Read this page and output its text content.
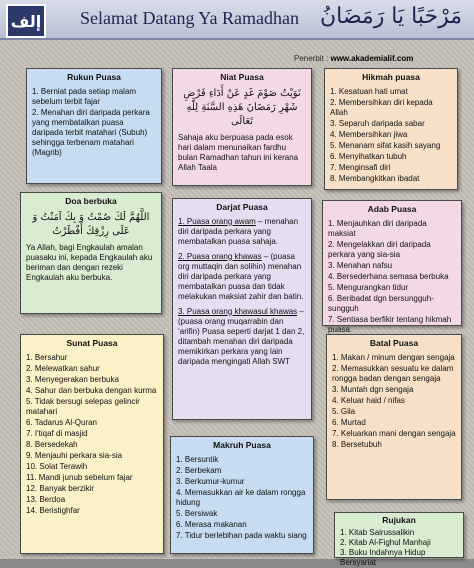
إلف Selamat Datang Ya Ramadhan مَرْحَبًا يَا رَمَضَانُ
Penerbit : www.akademialif.com
Rukun Puasa
1. Berniat pada setiap malam sebelum terbit fajar
2. Menahan diri daripada perkara yang membatalkan puasa daripada terbit matahari (Subuh) sehingga terbenam matahari (Magrib)
Niat Puasa
نَوَيْتُ صَوْمَ غَدٍ عَنْ أَدَاءِ فَرْضِ شَهْرِ رَمَضَانَ هَذِهِ السَّنَةِ لِلَّهِ تَعَالَى
Sahaja aku berpuasa pada esok hari dalam menunaikan fardhu bulan Ramadhan tahun ini kerana Allah Taala
Hikmah puasa
1. Kesatuan hati umat
2. Membersihkan diri kepada Allah
3. Separuh daripada sabar
4. Membersihkan jiwa
5. Menanam sifat kasih sayang
6. Menyihatkan tubuh
7. Menginsafi diri
8. Membangkitkan ibadat
Doa berbuka
اللَّهُمَّ لَكَ صُمْتُ وَ بِكَ آمَنْتُ وَ عَلَى رِزْقِكَ أَفْطَرْتُ
Ya Allah, bagi Engkaulah amalan puasaku ini, kepada Engkaulah aku beriman dan dengan rezeki Engkaulah aku berbuka.
Darjat Puasa
1. Puasa orang awam – menahan diri daripada perkara yang membatalkan puasa sahaja.
2. Puasa orang khawas – (puasa org muttaqin dan solihin) menahan diri daripada perkara yang membatalkan puasa dan tidak melakukan maksiat zahir dan batin.
3. Puasa orang khawasul khawas – (puasa orang muqarrabin dan ‘arifin) Puasa seperti darjat 1 dan 2, ditambah menahan diri daripada memikirkan perkara yang lain daripada mengingati Allah SWT
Adab Puasa
1. Menjauhkan diri daripada maksiat
2. Mengelakkan diri daripada perkara yang sia-sia
3. Menahan nafsu
4. Bersederhana semasa berbuka
5. Mengurangkan tidur
6. Beribadat dgn bersungguh-sungguh
7. Sentiasa berfikir tentang hikmah puasa.
Sunat Puasa
1. Bersahur
2. Melewatkan sahur
3. Menyegerakan berbuka
4. Sahur dan berbuka dengan kurma
5. Tidak bersugi selepas gelincir matahari
6. Tadarus Al-Quran
7. I'tiqaf di masjid
8. Bersedekah
9. Menjauhi perkara sia-sia
10. Solat Terawih
11. Mandi junub sebelum fajar
12. Banyak berzikir
13. Berdoa
14. Beristighfar
Makruh Puasa
1. Bersuntik
2. Berbekam
3. Berkumur-kumur
4. Memasukkan air ke dalam rongga hidung
5. Bersiwak
6. Merasa makanan
7. Tidur berlebihan pada waktu siang
Batal Puasa
1. Makan / minum dengan sengaja
2. Memasukkan sesuatu ke dalam rongga badan dengan sengaja
3. Muntah dgn sengaja
4. Keluar haid / nifas
5. Gila
6. Murtad
7. Keluarkan mani dengan sengaja
8. Bersetubuh
Rujukan
1. Kitab Sairussalikin
2. Kitab Al-Fighul Manhaji
3. Buku Indahnya Hidup Bersyariat
